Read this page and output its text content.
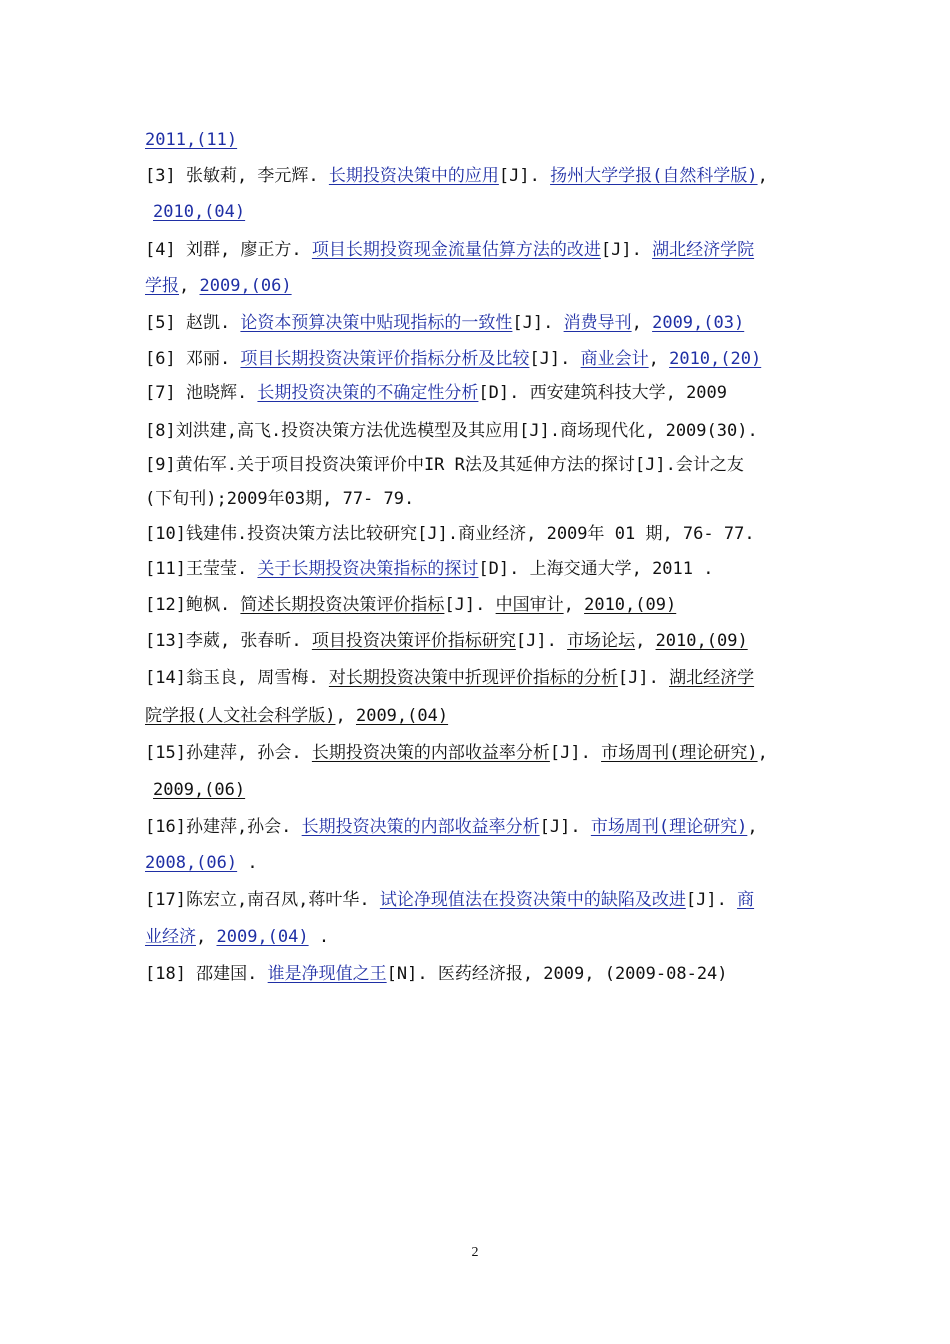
2011,(11)
[3] 张敏莉, 李元辉. 长期投资决策中的应用[J]. 扬州大学学报(自然科学版),
2010,(04)
[4] 刘群, 廖正方. 项目长期投资现金流量估算方法的改进[J]. 湖北经济学院
学报, 2009,(06)
[5] 赵凯. 论资本预算决策中贴现指标的一致性[J]. 消费导刊, 2009,(03)
[6] 邓丽. 项目长期投资决策评价指标分析及比较[J]. 商业会计, 2010,(20)
[7] 池晓辉. 长期投资决策的不确定性分析[D]. 西安建筑科技大学, 2009
[8]刘洪建,高飞.投资决策方法优选模型及其应用[J].商场现代化, 2009(30).
[9]黄佑军.关于项目投资决策评价中IR R法及其延伸方法的探讨[J].会计之友
(下旬刊);2009年03期, 77- 79.
[10]钱建伟.投资决策方法比较研究[J].商业经济, 2009年 01 期, 76- 77.
[11]王莹莹. 关于长期投资决策指标的探讨[D]. 上海交通大学, 2011 .
[12]鲍枫. 简述长期投资决策评价指标[J]. 中国审计, 2010,(09)
[13]李葳, 张春昕. 项目投资决策评价指标研究[J]. 市场论坛, 2010,(09)
[14]翁玉良, 周雪梅. 对长期投资决策中折现评价指标的分析[J]. 湖北经济学
院学报(人文社会科学版), 2009,(04)
[15]孙建萍, 孙会. 长期投资决策的内部收益率分析[J]. 市场周刊(理论研究),
2009,(06)
[16]孙建萍,孙会. 长期投资决策的内部收益率分析[J]. 市场周刊(理论研究),
2008,(06) .
[17]陈宏立,南召凤,蒋叶华. 试论净现值法在投资决策中的缺陷及改进[J]. 商
业经济, 2009,(04) .
[18] 邵建国. 谁是净现值之王[N]. 医药经济报, 2009, (2009-08-24)
2
